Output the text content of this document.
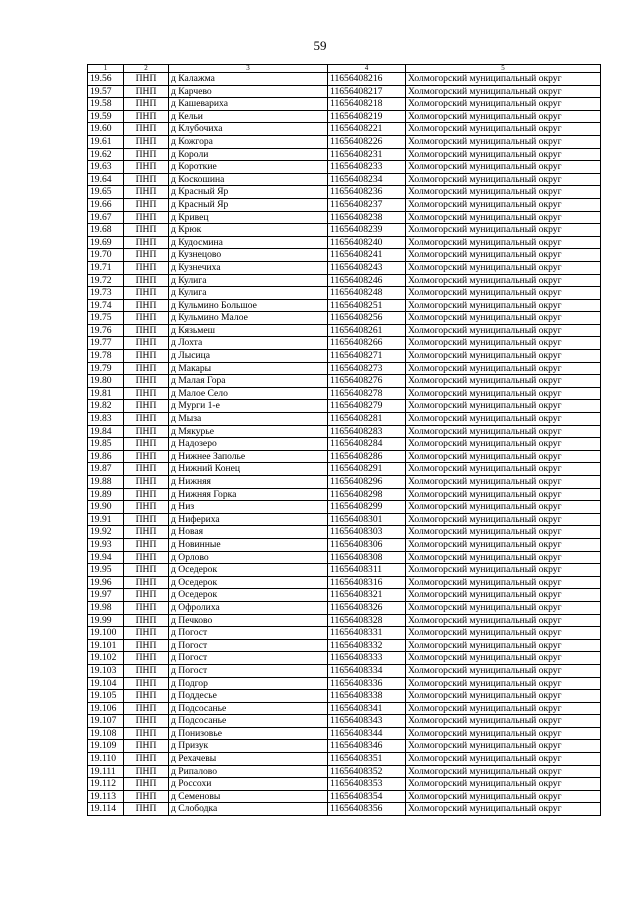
59
1	2	3	4	5
19.56	ПНП	д Калажма	11656408216	Холмогорский муниципальный округ
19.57	ПНП	д Карчево	11656408217	Холмогорский муниципальный округ
19.58	ПНП	д Кашевариха	11656408218	Холмогорский муниципальный округ
19.59	ПНП	д Кельи	11656408219	Холмогорский муниципальный округ
19.60	ПНП	д Клубочиха	11656408221	Холмогорский муниципальный округ
19.61	ПНП	д Кожгора	11656408226	Холмогорский муниципальный округ
19.62	ПНП	д Короли	11656408231	Холмогорский муниципальный округ
19.63	ПНП	д Короткие	11656408233	Холмогорский муниципальный округ
19.64	ПНП	д Коскошина	11656408234	Холмогорский муниципальный округ
19.65	ПНП	д Красный Яр	11656408236	Холмогорский муниципальный округ
19.66	ПНП	д Красный Яр	11656408237	Холмогорский муниципальный округ
19.67	ПНП	д Кривец	11656408238	Холмогорский муниципальный округ
19.68	ПНП	д Крюк	11656408239	Холмогорский муниципальный округ
19.69	ПНП	д Кудосмина	11656408240	Холмогорский муниципальный округ
19.70	ПНП	д Кузнецово	11656408241	Холмогорский муниципальный округ
19.71	ПНП	д Кузнечиха	11656408243	Холмогорский муниципальный округ
19.72	ПНП	д Кулига	11656408246	Холмогорский муниципальный округ
19.73	ПНП	д Кулига	11656408248	Холмогорский муниципальный округ
19.74	ПНП	д Кульмино Большое	11656408251	Холмогорский муниципальный округ
19.75	ПНП	д Кульмино Малое	11656408256	Холмогорский муниципальный округ
19.76	ПНП	д Кязьмеш	11656408261	Холмогорский муниципальный округ
19.77	ПНП	д Лохта	11656408266	Холмогорский муниципальный округ
19.78	ПНП	д Лысица	11656408271	Холмогорский муниципальный округ
19.79	ПНП	д Макары	11656408273	Холмогорский муниципальный округ
19.80	ПНП	д Малая Гора	11656408276	Холмогорский муниципальный округ
19.81	ПНП	д Малое Село	11656408278	Холмогорский муниципальный округ
19.82	ПНП	д Мурги 1-е	11656408279	Холмогорский муниципальный округ
19.83	ПНП	д Мыза	11656408281	Холмогорский муниципальный округ
19.84	ПНП	д Мякурье	11656408283	Холмогорский муниципальный округ
19.85	ПНП	д Надозеро	11656408284	Холмогорский муниципальный округ
19.86	ПНП	д Нижнее Заполье	11656408286	Холмогорский муниципальный округ
19.87	ПНП	д Нижний Конец	11656408291	Холмогорский муниципальный округ
19.88	ПНП	д Нижняя	11656408296	Холмогорский муниципальный округ
19.89	ПНП	д Нижняя Горка	11656408298	Холмогорский муниципальный округ
19.90	ПНП	д Низ	11656408299	Холмогорский муниципальный округ
19.91	ПНП	д Нифериха	11656408301	Холмогорский муниципальный округ
19.92	ПНП	д Новая	11656408303	Холмогорский муниципальный округ
19.93	ПНП	д Новинные	11656408306	Холмогорский муниципальный округ
19.94	ПНП	д Орлово	11656408308	Холмогорский муниципальный округ
19.95	ПНП	д Оседерок	11656408311	Холмогорский муниципальный округ
19.96	ПНП	д Оседерок	11656408316	Холмогорский муниципальный округ
19.97	ПНП	д Оседерок	11656408321	Холмогорский муниципальный округ
19.98	ПНП	д Офролиха	11656408326	Холмогорский муниципальный округ
19.99	ПНП	д Печково	11656408328	Холмогорский муниципальный округ
19.100	ПНП	д Погост	11656408331	Холмогорский муниципальный округ
19.101	ПНП	д Погост	11656408332	Холмогорский муниципальный округ
19.102	ПНП	д Погост	11656408333	Холмогорский муниципальный округ
19.103	ПНП	д Погост	11656408334	Холмогорский муниципальный округ
19.104	ПНП	д Подгор	11656408336	Холмогорский муниципальный округ
19.105	ПНП	д Поддесье	11656408338	Холмогорский муниципальный округ
19.106	ПНП	д Подсосанье	11656408341	Холмогорский муниципальный округ
19.107	ПНП	д Подсосанье	11656408343	Холмогорский муниципальный округ
19.108	ПНП	д Понизовье	11656408344	Холмогорский муниципальный округ
19.109	ПНП	д Призук	11656408346	Холмогорский муниципальный округ
19.110	ПНП	д Рехачевы	11656408351	Холмогорский муниципальный округ
19.111	ПНП	д Рипалово	11656408352	Холмогорский муниципальный округ
19.112	ПНП	д Россохи	11656408353	Холмогорский муниципальный округ
19.113	ПНП	д Семеновы	11656408354	Холмогорский муниципальный округ
19.114	ПНП	д Слободка	11656408356	Холмогорский муниципальный округ
